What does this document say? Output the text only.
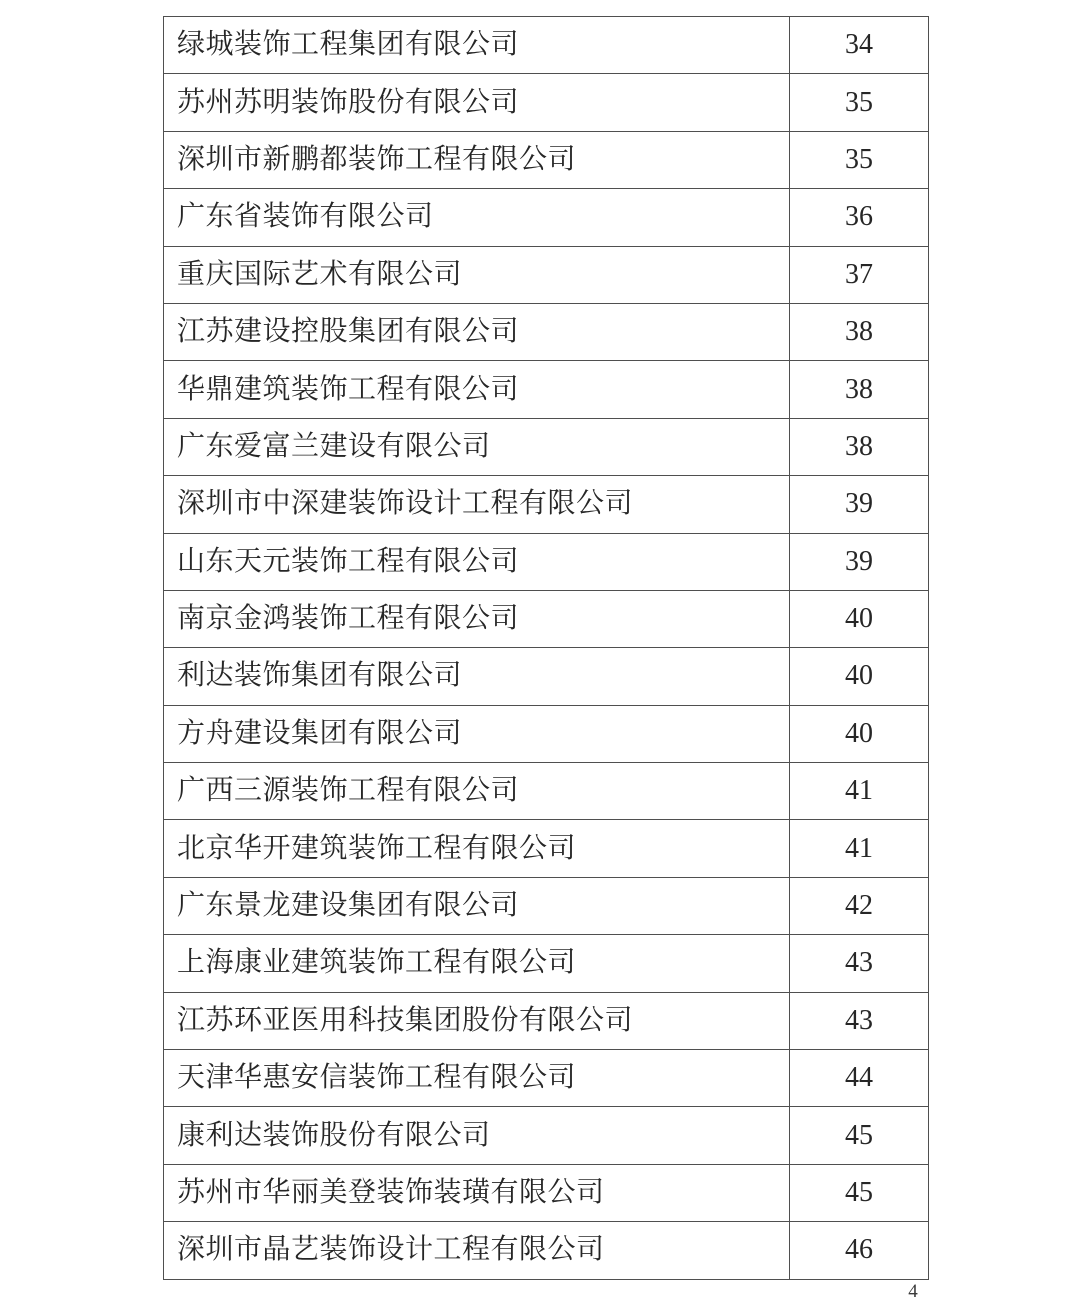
绿城装饰工程集团有限公司	34
苏州苏明装饰股份有限公司	35
深圳市新鹏都装饰工程有限公司	35
广东省装饰有限公司	36
重庆国际艺术有限公司	37
江苏建设控股集团有限公司	38
华鼎建筑装饰工程有限公司	38
广东爱富兰建设有限公司	38
深圳市中深建装饰设计工程有限公司	39
山东天元装饰工程有限公司	39
南京金鸿装饰工程有限公司	40
利达装饰集团有限公司	40
方舟建设集团有限公司	40
广西三源装饰工程有限公司	41
北京华开建筑装饰工程有限公司	41
广东景龙建设集团有限公司	42
上海康业建筑装饰工程有限公司	43
江苏环亚医用科技集团股份有限公司	43
天津华惠安信装饰工程有限公司	44
康利达装饰股份有限公司	45
苏州市华丽美登装饰装璜有限公司	45
深圳市晶艺装饰设计工程有限公司	46
4
